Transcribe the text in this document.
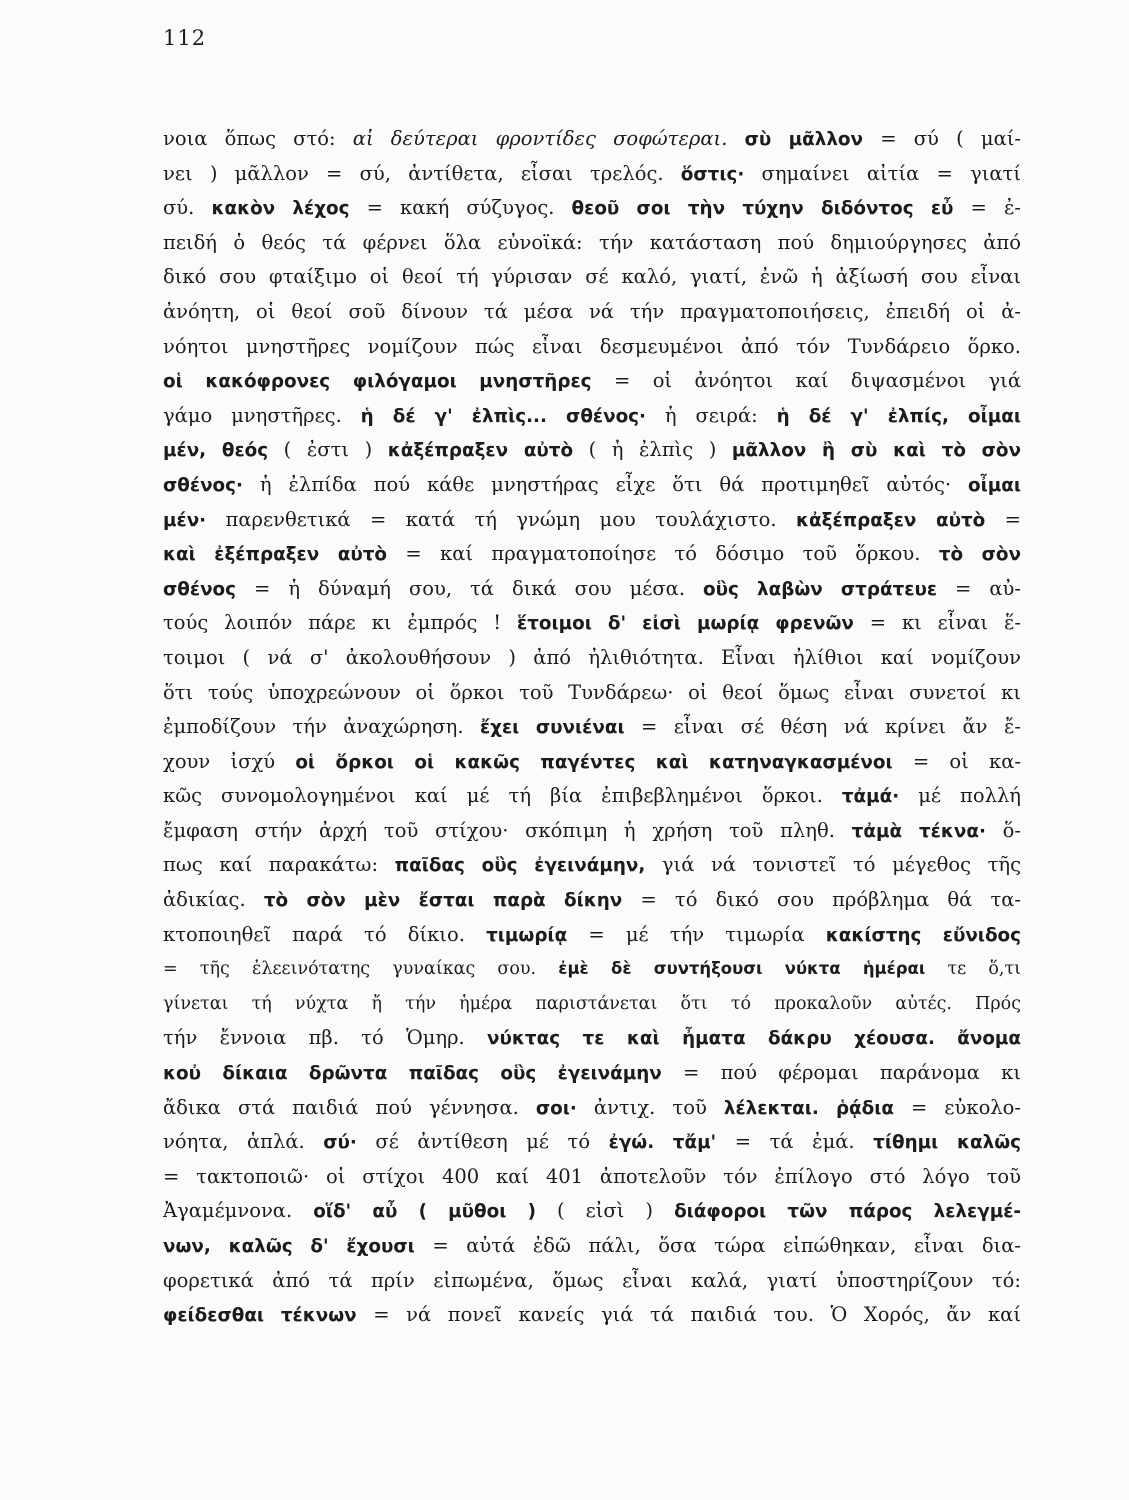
112
νοια ὅπως στό: αἱ δεύτεραι φροντίδες σοφώτεραι. σὺ μᾶλλον = σύ ( μαί-
νει ) μᾶλλον = σύ, ἀντίθετα, εἶσαι τρελός. ὅστις· σημαίνει αἰτία = γιατί
σύ. κακὸν λέχος = κακή σύζυγος. θεοῦ σοι τὴν τύχην διδόντος εὖ = ἐ-
πειδή ὁ θεός τά φέρνει ὅλα εὐνοϊκά: τήν κατάσταση πού δημιούργησες ἀπό
δικό σου φταίξιμο οἱ θεοί τή γύρισαν σέ καλό, γιατί, ἐνῶ ἡ ἀξίωσή σου εἶναι
ἀνόητη, οἱ θεοί σοῦ δίνουν τά μέσα νά τήν πραγματοποιήσεις, ἐπειδή οἱ ἀ-
νόητοι μνηστῆρες νομίζουν πώς εἶναι δεσμευμένοι ἀπό τόν Τυνδάρειο ὅρκο.
οἱ κακόφρονες φιλόγαμοι μνηστῆρες = οἱ ἀνόητοι καί διψασμένοι γιά
γάμο μνηστῆρες. ἡ δέ γ' ἐλπὶς... σθένος· ἡ σειρά: ἡ δέ γ' ἐλπίς, οἶμαι
μέν, θεός ( ἐστι ) κἀξέπραξεν αὐτὸ ( ἡ ἐλπὶς ) μᾶλλον ἢ σὺ καὶ τὸ σὸν
σθένος· ἡ ἐλπίδα πού κάθε μνηστήρας εἶχε ὅτι θά προτιμηθεῖ αὐτός· οἶμαι
μέν· παρενθετικά = κατά τή γνώμη μου τουλάχιστο. κἀξέπραξεν αὐτὸ =
καὶ ἐξέπραξεν αὐτὸ = καί πραγματοποίησε τό δόσιμο τοῦ ὅρκου. τὸ σὸν
σθένος = ἡ δύναμή σου, τά δικά σου μέσα. οὓς λαβὼν στράτευε = αὐ-
τούς λοιπόν πάρε κι ἐμπρός ! ἕτοιμοι δ' εἰσὶ μωρίᾳ φρενῶν = κι εἶναι ἕ-
τοιμοι ( νά σ' ἀκολουθήσουν ) ἀπό ἠλιθιότητα. Εἶναι ἠλίθιοι καί νομίζουν
ὅτι τούς ὑποχρεώνουν οἱ ὅρκοι τοῦ Τυνδάρεω· οἱ θεοί ὅμως εἶναι συνετοί κι
ἐμποδίζουν τήν ἀναχώρηση. ἔχει συνιέναι = εἶναι σέ θέση νά κρίνει ἄν ἔ-
χουν ἰσχύ οἱ ὅρκοι οἱ κακῶς παγέντες καὶ κατηναγκασμένοι = οἱ κα-
κῶς συνομολογημένοι καί μέ τή βία ἐπιβεβλημένοι ὅρκοι. τἀμά· μέ πολλή
ἔμφαση στήν ἀρχή τοῦ στίχου· σκόπιμη ἡ χρήση τοῦ πληθ. τἀμὰ τέκνα· ὅ-
πως καί παρακάτω: παῖδας οὓς ἐγεινάμην, γιά νά τονιστεῖ τό μέγεθος τῆς
ἀδικίας. τὸ σὸν μὲν ἔσται παρὰ δίκην = τό δικό σου πρόβλημα θά τα-
κτοποιηθεῖ παρά τό δίκιο. τιμωρίᾳ = μέ τήν τιμωρία κακίστης εὔνιδος
= τῆς ἐλεεινότατης γυναίκας σου. ἐμὲ δὲ συντήξουσι νύκτα ἡμέραι τε ὅ,τι
γίνεται τή νύχτα ἤ τήν ἡμέρα παριστάνεται ὅτι τό προκαλοῦν αὐτές. Πρός
τήν ἔννοια πβ. τό Ὁμηρ. νύκτας τε καὶ ἦματα δάκρυ χέουσα. ἄνομα
κοὐ δίκαια δρῶντα παῖδας οὓς ἐγεινάμην = πού φέρομαι παράνομα κι
ἄδικα στά παιδιά πού γέννησα. σοι· ἀντιχ. τοῦ λέλεκται. ῥᾴδια = εὐκολο-
νόητα, ἁπλά. σύ· σέ ἀντίθεση μέ τό ἐγώ. τἄμ' = τά ἐμά. τίθημι καλῶς
= τακτοποιῶ· οἱ στίχοι 400 καί 401 ἀποτελοῦν τόν ἐπίλογο στό λόγο τοῦ
Ἀγαμέμνονα. οἵδ' αὖ ( μῦθοι ) ( εἰσὶ ) διάφοροι τῶν πάρος λελεγμέ-
νων, καλῶς δ' ἔχουσι = αὐτά ἐδῶ πάλι, ὅσα τώρα εἰπώθηκαν, εἶναι δια-
φορετικά ἀπό τά πρίν εἰπωμένα, ὅμως εἶναι καλά, γιατί ὑποστηρίζουν τό:
φείδεσθαι τέκνων = νά πονεῖ κανείς γιά τά παιδιά του. Ὁ Χορός, ἄν καί
